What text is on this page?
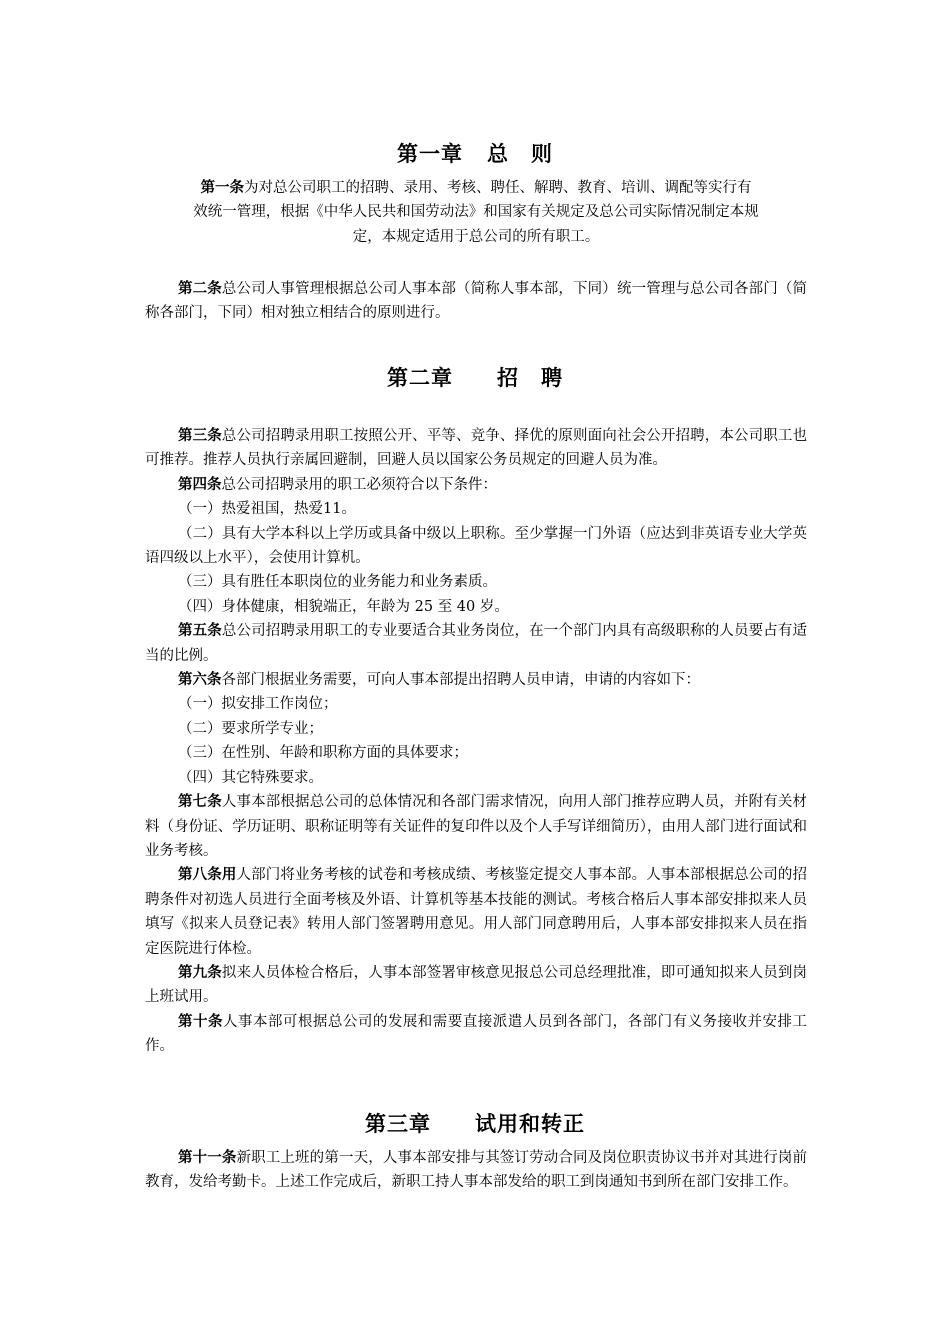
第一章 总　则
第一条为对总公司职工的招聘、录用、考核、聘任、解聘、教育、培训、调配等实行有
效统一管理，根据《中华人民共和国劳动法》和国家有关规定及总公司实际情况制定本规
定，本规定适用于总公司的所有职工。
第二条总公司人事管理根据总公司人事本部（简称人事本部，下同）统一管理与总公司各部门（简称各部门，下同）相对独立相结合的原则进行。
第二章 招　聘
第三条总公司招聘录用职工按照公开、平等、竞争、择优的原则面向社会公开招聘，本公司职工也可推荐。推荐人员执行亲属回避制，回避人员以国家公务员规定的回避人员为准。
第四条总公司招聘录用的职工必须符合以下条件：
（一）热爱祖国，热爱11。
（二）具有大学本科以上学历或具备中级以上职称。至少掌握一门外语（应达到非英语专业大学英语四级以上水平），会使用计算机。
（三）具有胜任本职岗位的业务能力和业务素质。
（四）身体健康，相貌端正，年龄为 25 至 40 岁。
第五条总公司招聘录用职工的专业要适合其业务岗位，在一个部门内具有高级职称的人员要占有适当的比例。
第六条各部门根据业务需要，可向人事本部提出招聘人员申请，申请的内容如下：
（一）拟安排工作岗位；
（二）要求所学专业；
（三）在性别、年龄和职称方面的具体要求；
（四）其它特殊要求。
第七条人事本部根据总公司的总体情况和各部门需求情况，向用人部门推荐应聘人员，并附有关材料（身份证、学历证明、职称证明等有关证件的复印件以及个人手写详细简历），由用人部门进行面试和业务考核。
第八条用人部门将业务考核的试卷和考核成绩、考核鉴定提交人事本部。人事本部根据总公司的招聘条件对初选人员进行全面考核及外语、计算机等基本技能的测试。考核合格后人事本部安排拟来人员填写《拟来人员登记表》转用人部门签署聘用意见。用人部门同意聘用后，人事本部安排拟来人员在指定医院进行体检。
第九条拟来人员体检合格后，人事本部签署审核意见报总公司总经理批准，即可通知拟来人员到岗上班试用。
第十条人事本部可根据总公司的发展和需要直接派遣人员到各部门，各部门有义务接收并安排工作。
第三章 试用和转正
第十一条新职工上班的第一天，人事本部安排与其签订劳动合同及岗位职责协议书并对其进行岗前教育，发给考勤卡。上述工作完成后，新职工持人事本部发给的职工到岗通知书到所在部门安排工作。
